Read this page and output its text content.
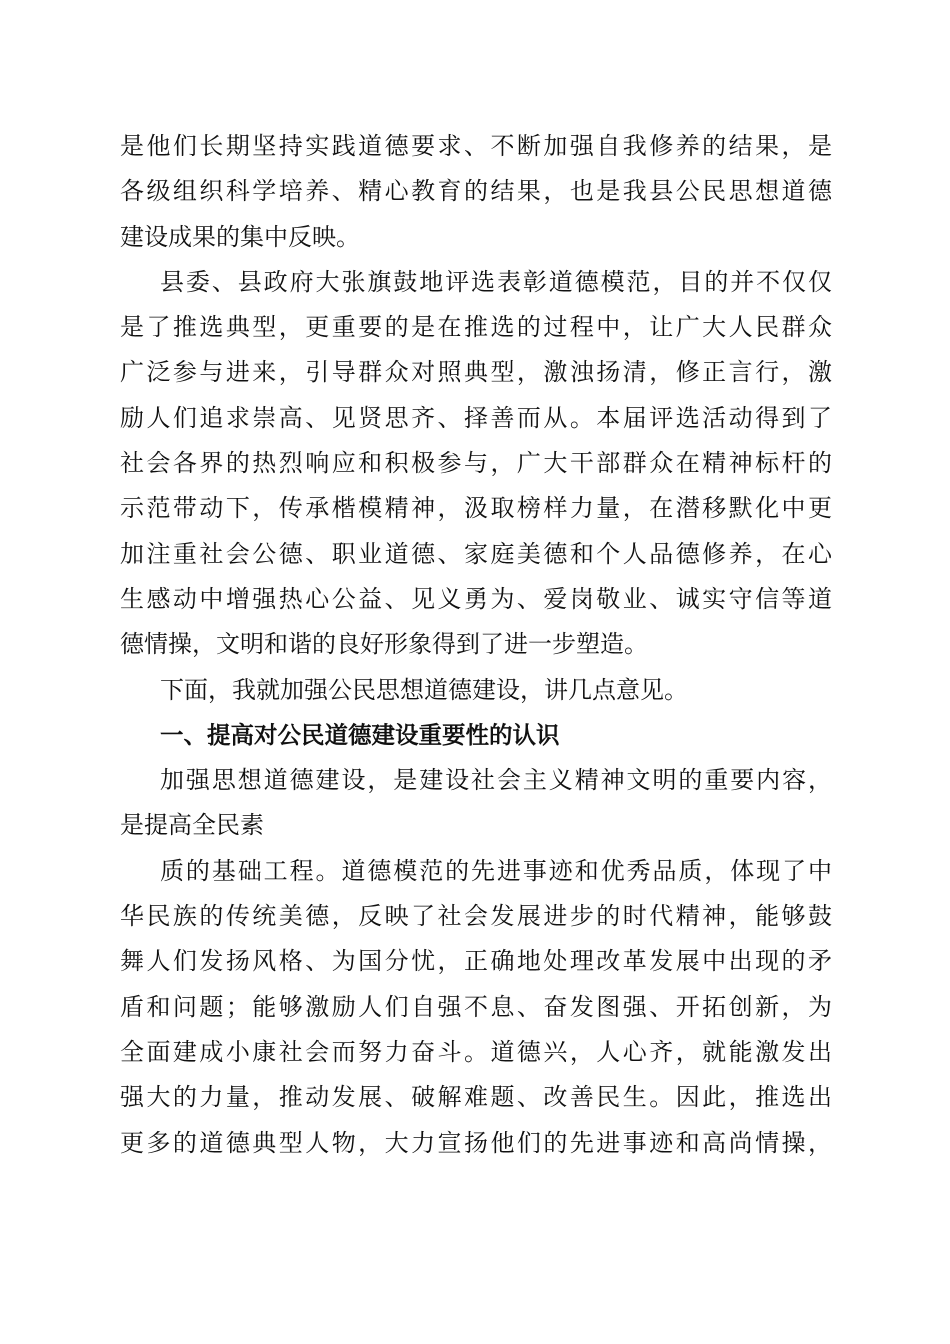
是他们长期坚持实践道德要求、不断加强自我修养的结果，是
各级组织科学培养、精心教育的结果，也是我县公民思想道德
建设成果的集中反映。
县委、县政府大张旗鼓地评选表彰道德模范，目的并不仅仅
是了推选典型，更重要的是在推选的过程中，让广大人民群众
广泛参与进来，引导群众对照典型，激浊扬清，修正言行，激
励人们追求崇高、见贤思齐、择善而从。本届评选活动得到了
社会各界的热烈响应和积极参与，广大干部群众在精神标杆的
示范带动下，传承楷模精神，汲取榜样力量，在潜移默化中更
加注重社会公德、职业道德、家庭美德和个人品德修养，在心
生感动中增强热心公益、见义勇为、爱岗敬业、诚实守信等道
德情操，文明和谐的良好形象得到了进一步塑造。
下面，我就加强公民思想道德建设，讲几点意见。
一、提高对公民道德建设重要性的认识
加强思想道德建设，是建设社会主义精神文明的重要内容，
是提高全民素
质的基础工程。道德模范的先进事迹和优秀品质，体现了中
华民族的传统美德，反映了社会发展进步的时代精神，能够鼓
舞人们发扬风格、为国分忧，正确地处理改革发展中出现的矛
盾和问题；能够激励人们自强不息、奋发图强、开拓创新，为
全面建成小康社会而努力奋斗。道德兴，人心齐，就能激发出
强大的力量，推动发展、破解难题、改善民生。因此，推选出
更多的道德典型人物，大力宣扬他们的先进事迹和高尚情操，
